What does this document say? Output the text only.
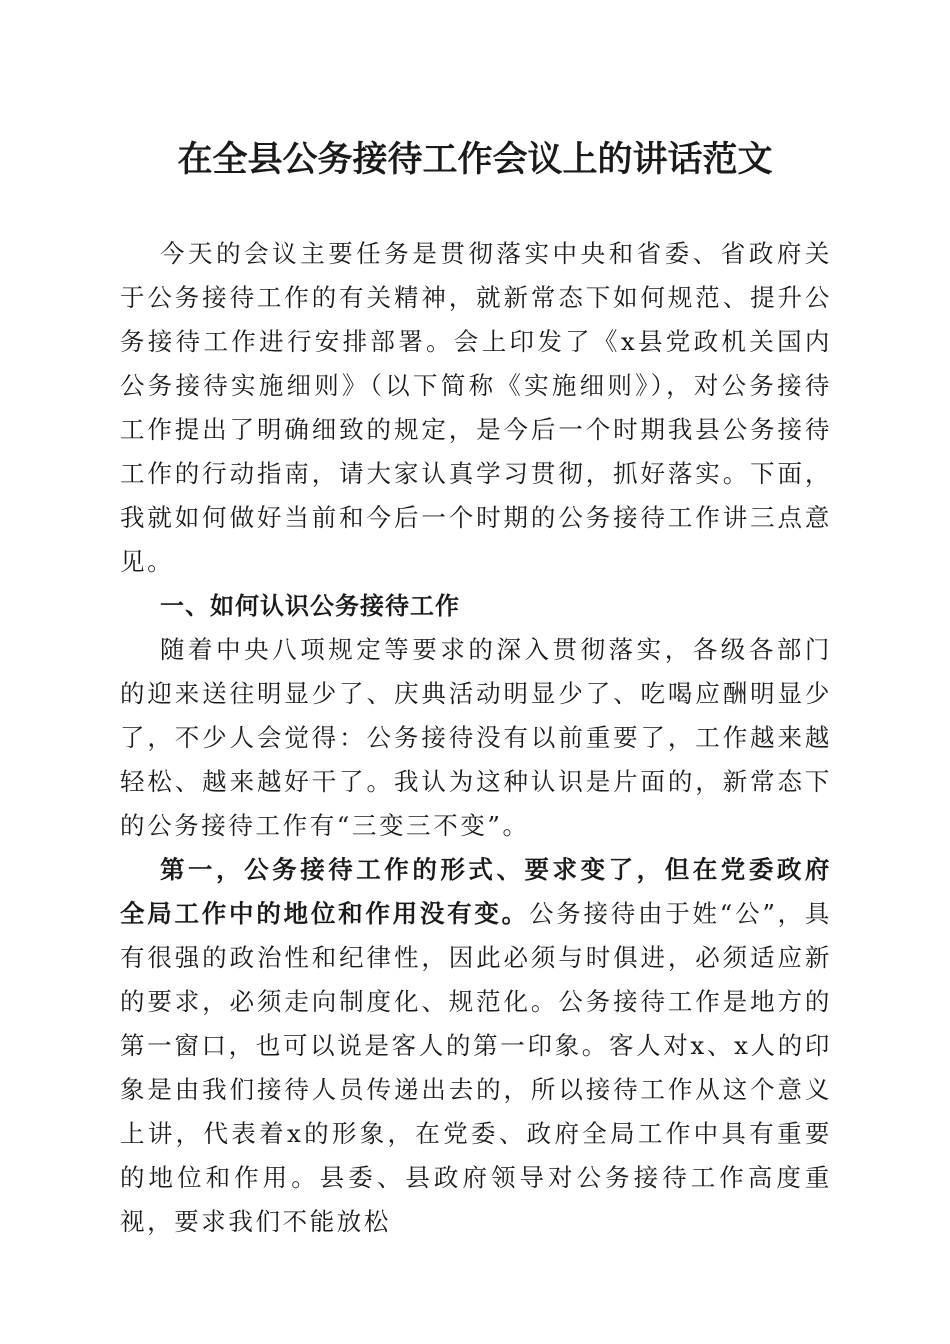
在全县公务接待工作会议上的讲话范文

今天的会议主要任务是贯彻落实中央和省委、省政府关于公务接待工作的有关精神，就新常态下如何规范、提升公务接待工作进行安排部署。会上印发了《x县党政机关国内公务接待实施细则》（以下简称《实施细则》），对公务接待工作提出了明确细致的规定，是今后一个时期我县公务接待工作的行动指南，请大家认真学习贯彻，抓好落实。下面，我就如何做好当前和今后一个时期的公务接待工作讲三点意见。

一、如何认识公务接待工作

随着中央八项规定等要求的深入贯彻落实，各级各部门的迎来送往明显少了、庆典活动明显少了、吃喝应酬明显少了，不少人会觉得：公务接待没有以前重要了，工作越来越轻松、越来越好干了。我认为这种认识是片面的，新常态下的公务接待工作有“三变三不变”。

第一，公务接待工作的形式、要求变了，但在党委政府全局工作中的地位和作用没有变。公务接待由于姓“公”，具有很强的政治性和纪律性，因此必须与时俱进，必须适应新的要求，必须走向制度化、规范化。公务接待工作是地方的第一窗口，也可以说是客人的第一印象。客人对x、x人的印象是由我们接待人员传递出去的，所以接待工作从这个意义上讲，代表着x的形象，在党委、政府全局工作中具有重要的地位和作用。县委、县政府领导对公务接待工作高度重视，要求我们不能放松
